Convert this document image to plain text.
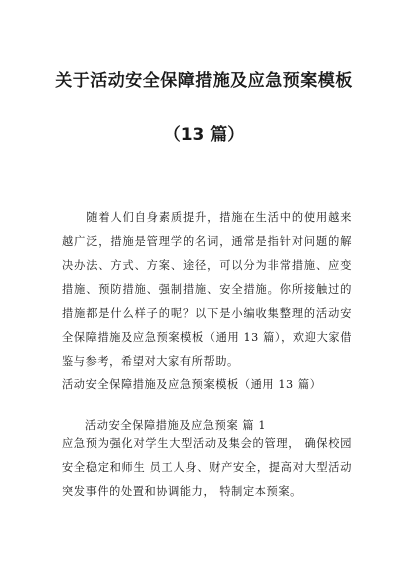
关于活动安全保障措施及应急预案模板
（13 篇）

随着人们自身素质提升，措施在生活中的使用越来越广泛，措施是管理学的名词，通常是指针对问题的解决办法、方式、方案、途径，可以分为非常措施、应变措施、预防措施、强制措施、安全措施。你所接触过的措施都是什么样子的呢？以下是小编收集整理的活动安全保障措施及应急预案模板（通用 13 篇），欢迎大家借鉴与参考，希望对大家有所帮助。

活动安全保障措施及应急预案模板（通用 13 篇）
活动安全保障措施及应急预案 篇 1

应急预为强化对学生大型活动及集会的管理， 确保校园安全稳定和师生 员工人身、财产安全，提高对大型活动突发事件的处置和协调能力， 特制定本预案。
